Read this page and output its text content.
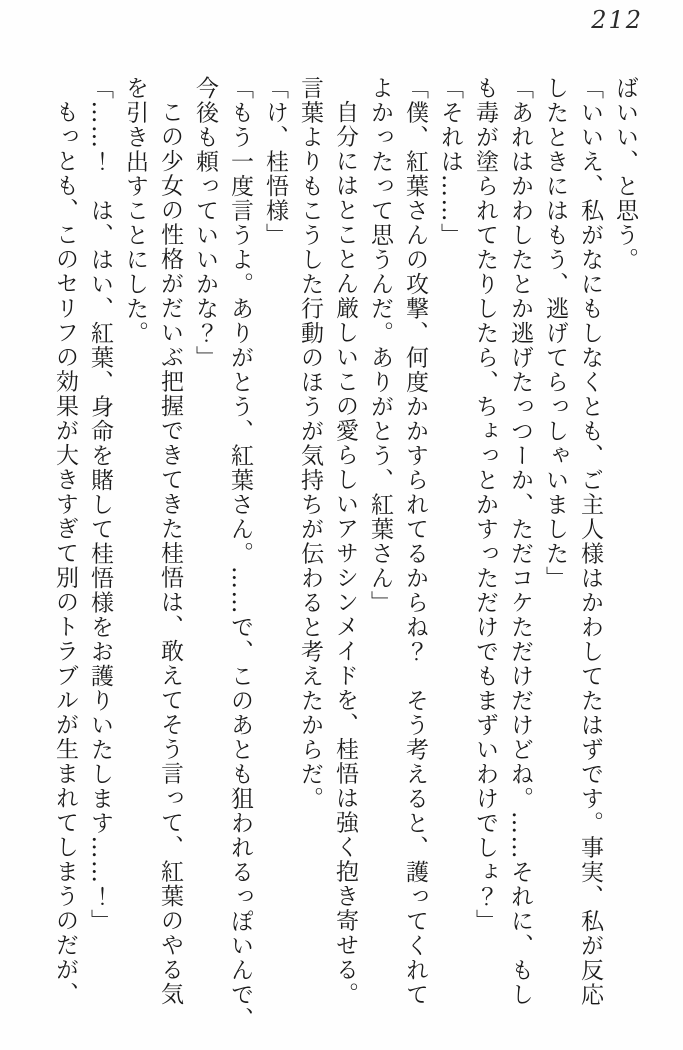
212
ばいい、と思う。
「いいえ、私がなにもしなくとも、ご主人様はかわしてたはずです。事実、私が反応
したときにはもう、逃げてらっしゃいました」
「あれはかわしたとか逃げたっつーか、ただコケただけだけどね。……それに、もし
も毒が塗られてたりしたら、ちょっとかすっただけでもまずいわけでしょ？」
「それは……」
「僕、紅葉さんの攻撃、何度かかすられてるからね？　そう考えると、護ってくれて
よかったって思うんだ。ありがとう、紅葉さん」
自分にはとことん厳しいこの愛らしいアサシンメイドを、桂悟は強く抱き寄せる。
言葉よりもこうした行動のほうが気持ちが伝わると考えたからだ。
「け、桂悟様」
「もう一度言うよ。ありがとう、紅葉さん。……で、このあとも狙われるっぽいんで、
今後も頼っていいかな？」
この少女の性格がだいぶ把握できてきた桂悟は、敢えてそう言って、紅葉のやる気
を引き出すことにした。
「……！　は、はい、紅葉、身命を賭して桂悟様をお護りいたします……！」
もっとも、このセリフの効果が大きすぎて別のトラブルが生まれてしまうのだが、
